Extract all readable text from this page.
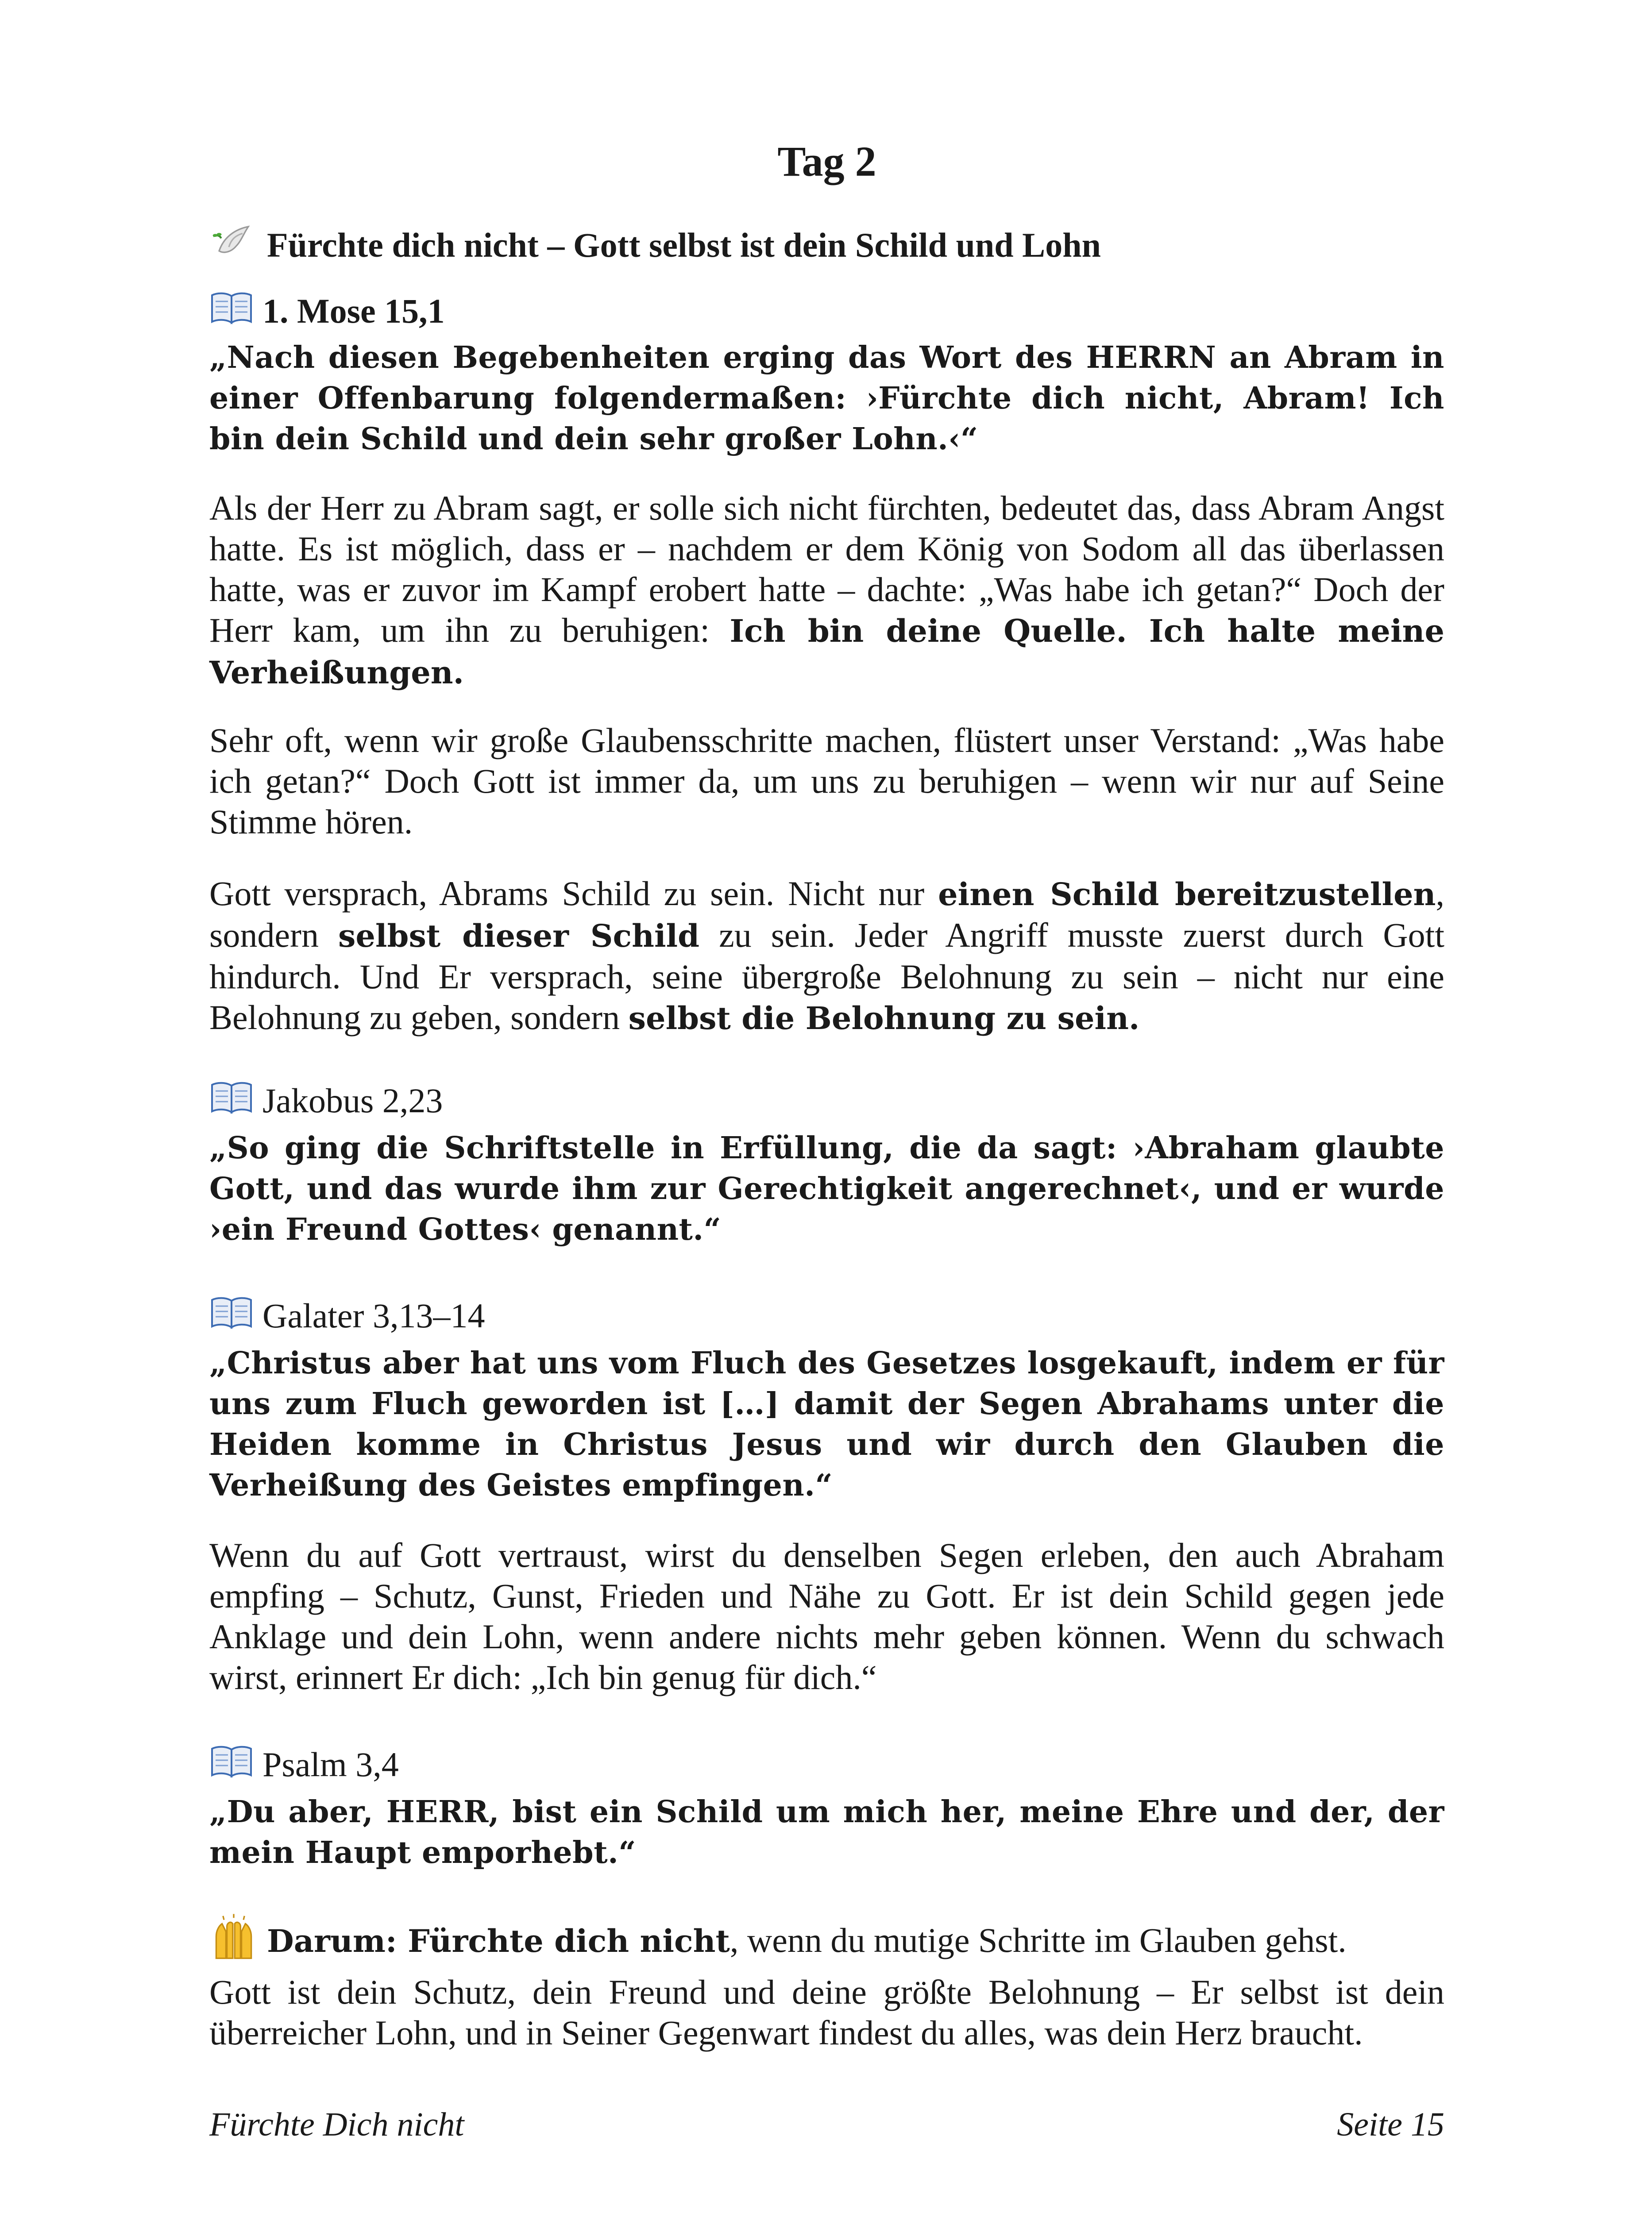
Tag 2
Fürchte dich nicht – Gott selbst ist dein Schild und Lohn
1. Mose 15,1
„Nach diesen Begebenheiten erging das Wort des HERRN an Abram in einer Offenbarung folgendermaßen: ›Fürchte dich nicht, Abram! Ich bin dein Schild und dein sehr großer Lohn.‹“
Als der Herr zu Abram sagt, er solle sich nicht fürchten, bedeutet das, dass Abram Angst hatte. Es ist möglich, dass er – nachdem er dem König von Sodom all das überlassen hatte, was er zuvor im Kampf erobert hatte – dachte: „Was habe ich getan?“ Doch der Herr kam, um ihn zu beruhigen: Ich bin deine Quelle. Ich halte meine Verheißungen.
Sehr oft, wenn wir große Glaubensschritte machen, flüstert unser Verstand: „Was habe ich getan?“ Doch Gott ist immer da, um uns zu beruhigen – wenn wir nur auf Seine Stimme hören.
Gott versprach, Abrams Schild zu sein. Nicht nur einen Schild bereitzustellen, sondern selbst dieser Schild zu sein. Jeder Angriff musste zuerst durch Gott hindurch. Und Er versprach, seine übergroße Belohnung zu sein – nicht nur eine Belohnung zu geben, sondern selbst die Belohnung zu sein.
Jakobus 2,23
„So ging die Schriftstelle in Erfüllung, die da sagt: ›Abraham glaubte Gott, und das wurde ihm zur Gerechtigkeit angerechnet‹, und er wurde ›ein Freund Gottes‹ genannt.“
Galater 3,13–14
„Christus aber hat uns vom Fluch des Gesetzes losgekauft, indem er für uns zum Fluch geworden ist […] damit der Segen Abrahams unter die Heiden komme in Christus Jesus und wir durch den Glauben die Verheißung des Geistes empfingen.“
Wenn du auf Gott vertraust, wirst du denselben Segen erleben, den auch Abraham empfing – Schutz, Gunst, Frieden und Nähe zu Gott. Er ist dein Schild gegen jede Anklage und dein Lohn, wenn andere nichts mehr geben können. Wenn du schwach wirst, erinnert Er dich: „Ich bin genug für dich.“
Psalm 3,4
„Du aber, HERR, bist ein Schild um mich her, meine Ehre und der, der mein Haupt emporhebt.“
Darum: Fürchte dich nicht, wenn du mutige Schritte im Glauben gehst.
Gott ist dein Schutz, dein Freund und deine größte Belohnung – Er selbst ist dein überreicher Lohn, und in Seiner Gegenwart findest du alles, was dein Herz braucht.
Fürchte Dich nicht	Seite 15
